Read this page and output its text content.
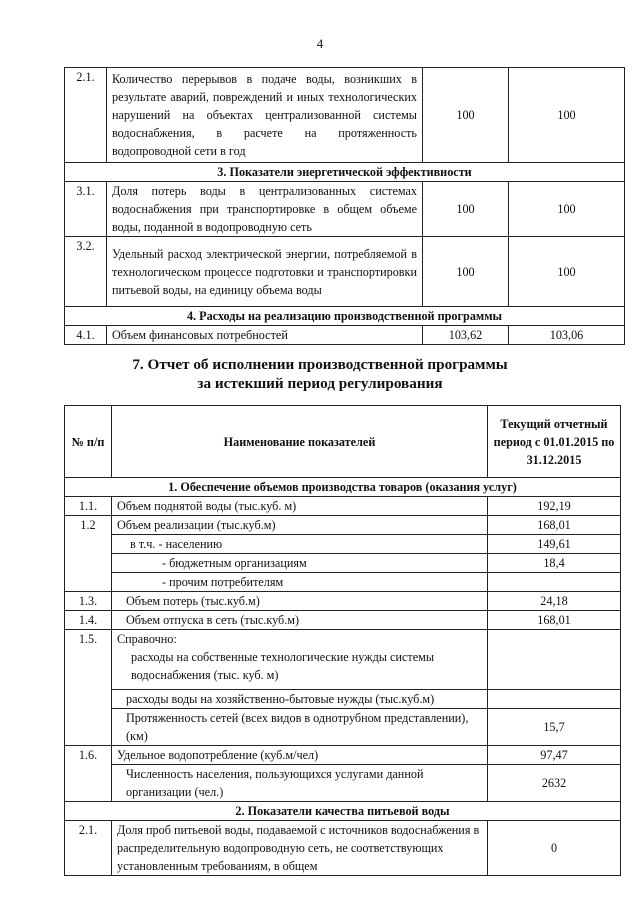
4
2.1.	Количество перерывов в подаче воды, возникших в результате аварий, повреждений и иных технологических нарушений на объектах централизованной системы водоснабжения, в расчете на протяженность водопроводной сети в год	100	100
3. Показатели энергетической эффективности			
3.1.	Доля потерь воды в централизованных системах водоснабжения при транспортировке в общем объеме воды, поданной в водопроводную сеть	100	100
3.2.	Удельный расход электрической энергии, потребляемой в технологическом процессе подготовки и транспортировки питьевой воды, на единицу объема воды	100	100
4. Расходы на реализацию производственной программы			
4.1.	Объем финансовых потребностей	103,62	103,06
7. Отчет об исполнении производственной программы
за истекший период регулирования
№ п/п	Наименование показателей	Текущий отчетный период с 01.01.2015 по 31.12.2015
1. Обеспечение объемов производства товаров (оказания услуг)		
1.1.	Объем поднятой воды (тыс.куб. м)	192,19
1.2	Объем реализации (тыс.куб.м)	168,01
	в т.ч. - населению	149,61
	- бюджетным организациям	18,4
	- прочим потребителям	
1.3.	Объем потерь (тыс.куб.м)	24,18
1.4.	Объем отпуска в сеть (тыс.куб.м)	168,01
1.5.	Справочно:
расходы на собственные технологические нужды системы водоснабжения (тыс. куб. м)	

	расходы воды на хозяйственно-бытовые нужды (тыс.куб.м)	
	Протяженность сетей (всех видов в однотрубном представлении), (км)	15,7
1.6.	Удельное водопотребление (куб.м/чел)	97,47
	Численность населения, пользующихся услугами данной организации (чел.)	2632
2. Показатели качества питьевой воды		
2.1.	Доля проб питьевой воды, подаваемой с источников водоснабжения в распределительную водопроводную сеть, не соответствующих установленным требованиям, в общем	0
